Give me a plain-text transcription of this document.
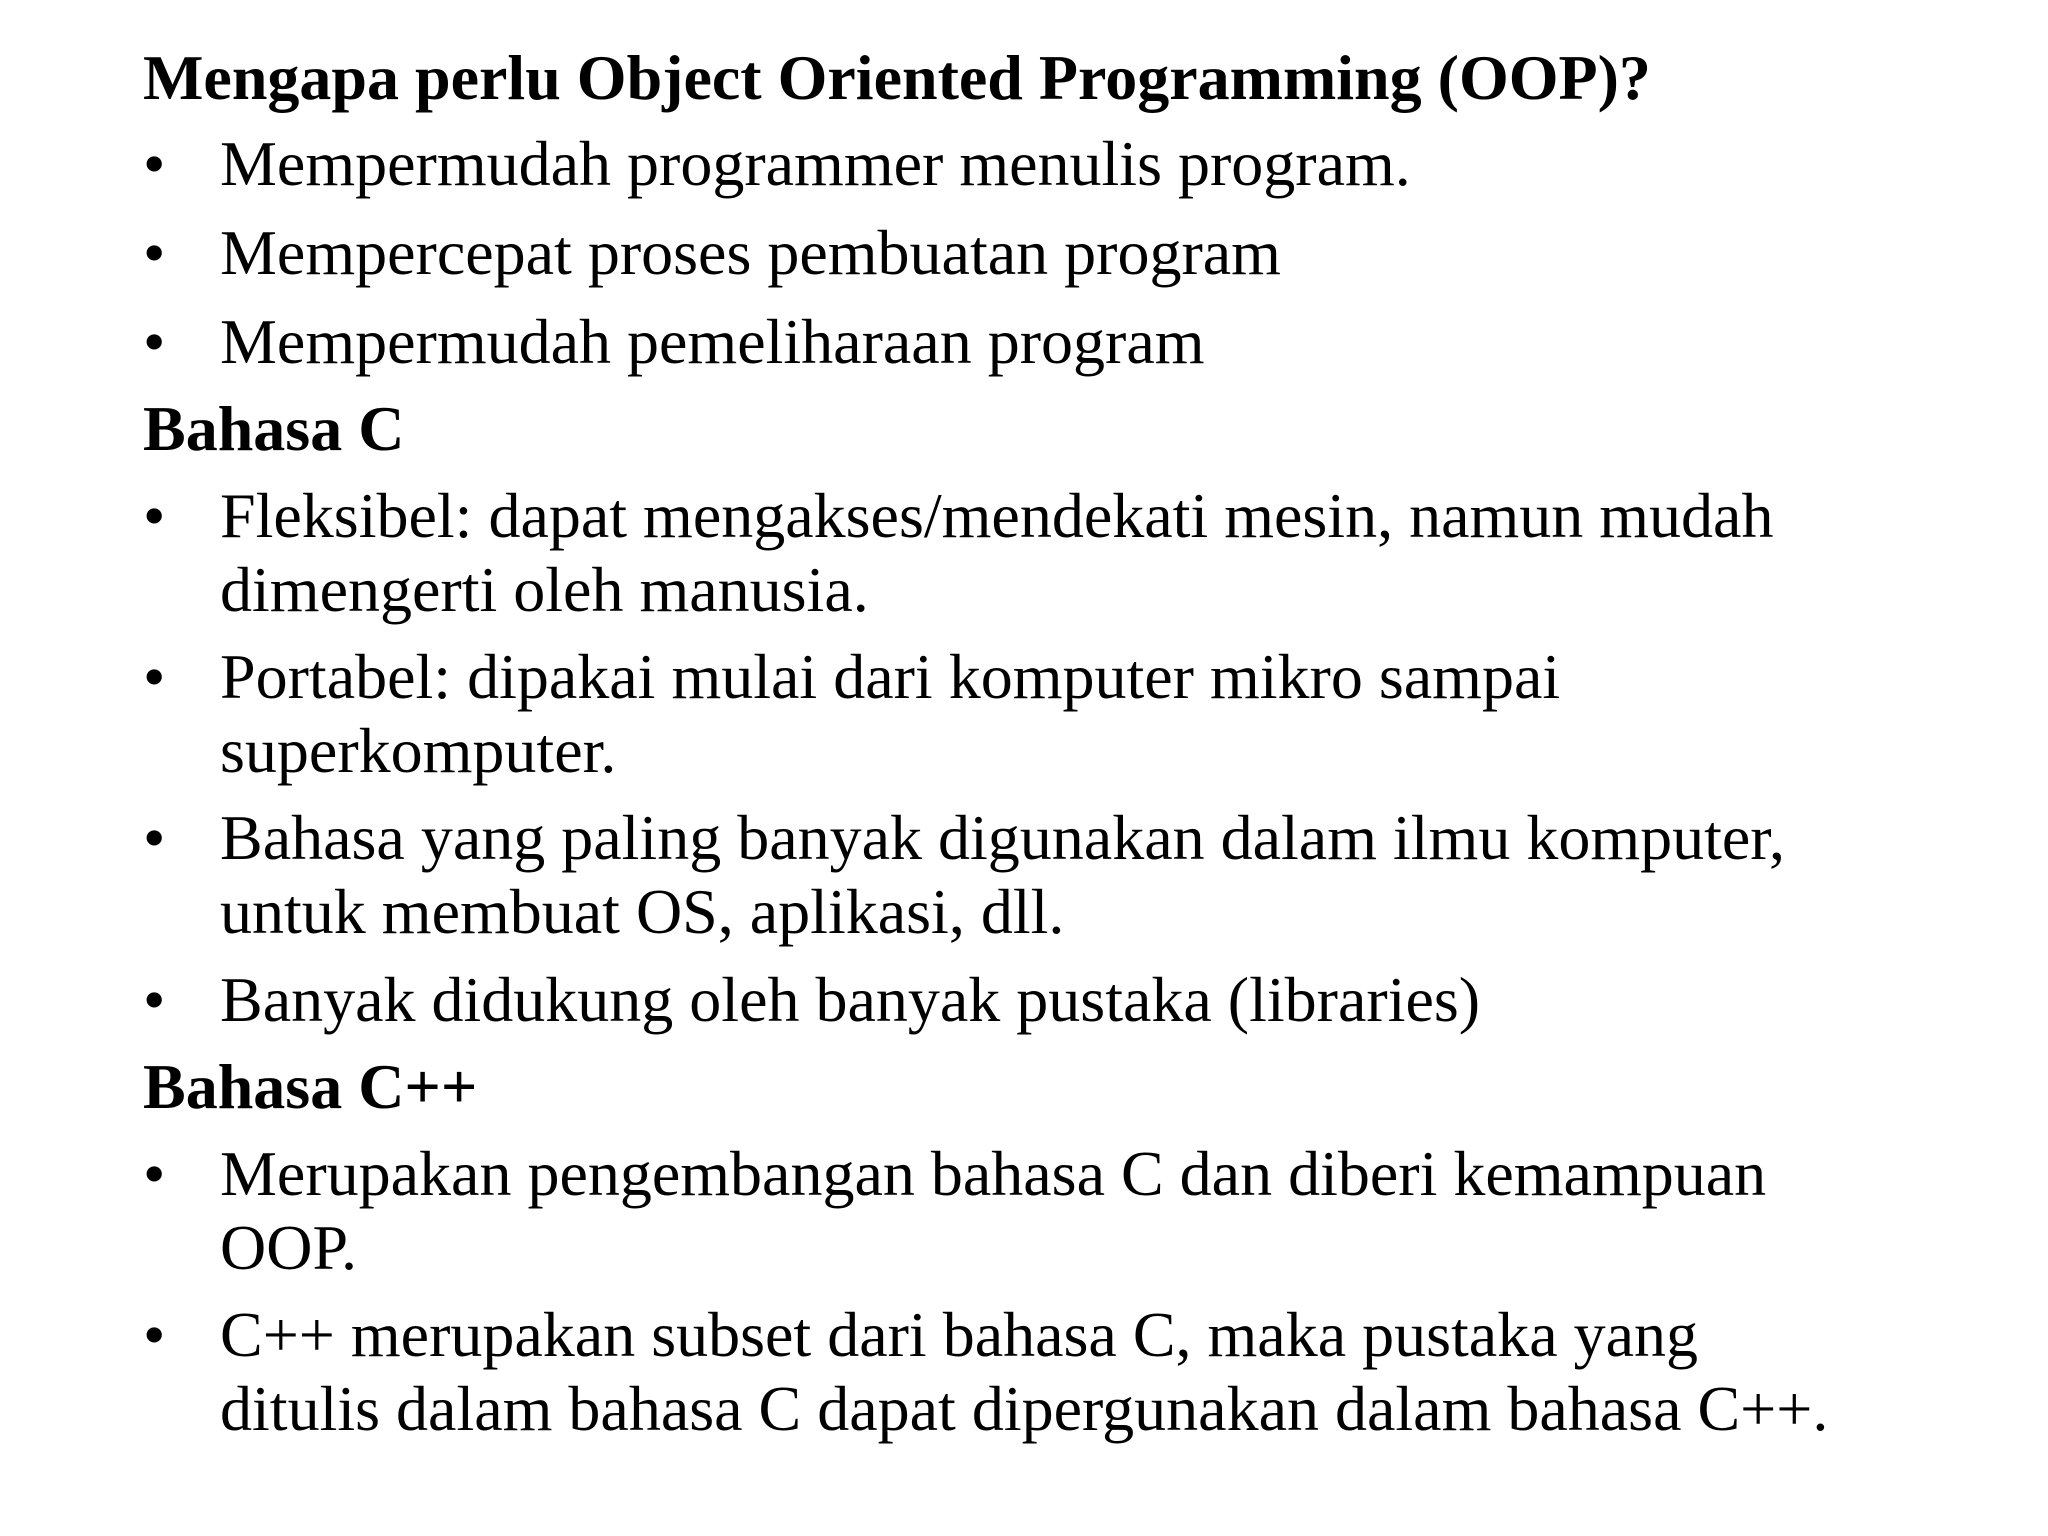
Mengapa perlu Object Oriented Programming (OOP)?
• Mempermudah programmer menulis program.
• Mempercepat proses pembuatan program
• Mempermudah pemeliharaan program
Bahasa C
• Fleksibel: dapat mengakses/mendekati mesin, namun mudah
dimengerti oleh manusia.
• Portabel: dipakai mulai dari komputer mikro sampai
superkomputer.
• Bahasa yang paling banyak digunakan dalam ilmu komputer,
untuk membuat OS, aplikasi, dll.
• Banyak didukung oleh banyak pustaka (libraries)
Bahasa C++
• Merupakan pengembangan bahasa C dan diberi kemampuan
OOP.
• C++ merupakan subset dari bahasa C, maka pustaka yang
ditulis dalam bahasa C dapat dipergunakan dalam bahasa C++.
